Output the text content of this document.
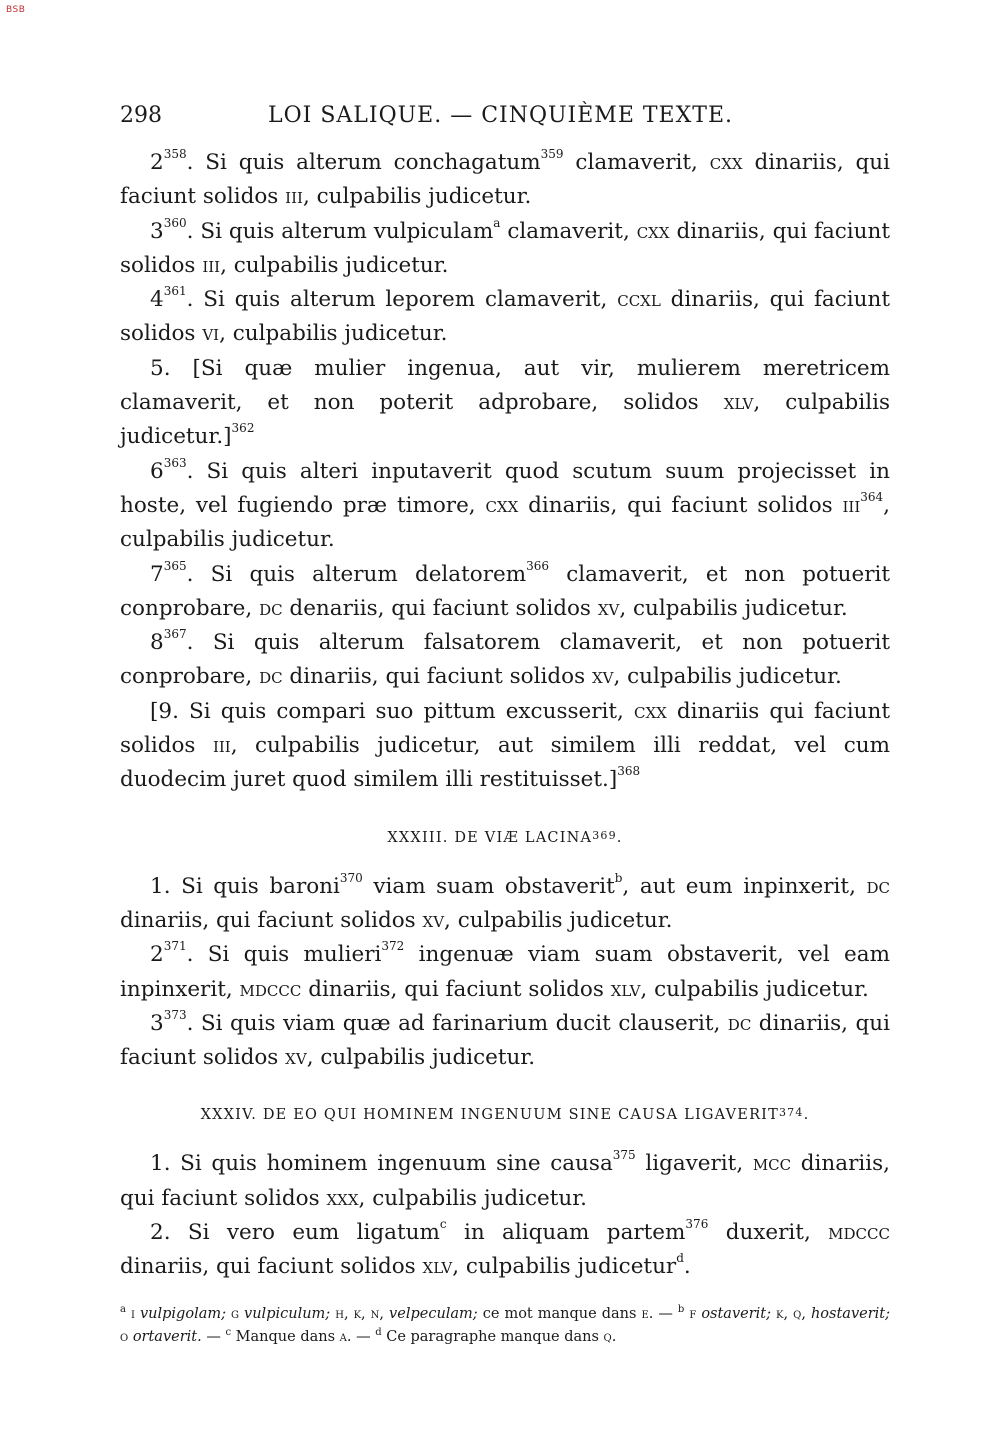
BSB
298	LOI SALIQUE. — CINQUIÈME TEXTE.

$2^{358}$. Si quis alterum conchagatum$^{359}$ clamaverit, cxx dinariis, qui faciunt solidos iii, culpabilis judicetur.

$3^{360}$. Si quis alterum vulpiculam$^a$ clamaverit, cxx dinariis, qui faciunt solidos iii, culpabilis judicetur.

$4^{361}$. Si quis alterum leporem clamaverit, ccxl dinariis, qui faciunt solidos vi, culpabilis judicetur.

5. [Si quæ mulier ingenua, aut vir, mulierem meretricem clamaverit, et non poterit adprobare, solidos xlv, culpabilis judicetur.]$^{362}$

$6^{363}$. Si quis alteri inputaverit quod scutum suum projecisset in hoste, vel fugiendo præ timore, cxx dinariis, qui faciunt solidos iii$^{364}$, culpabilis judicetur.

$7^{365}$. Si quis alterum delatorem$^{366}$ clamaverit, et non potuerit conprobare, dc denariis, qui faciunt solidos xv, culpabilis judicetur.

$8^{367}$. Si quis alterum falsatorem clamaverit, et non potuerit conprobare, dc dinariis, qui faciunt solidos xv, culpabilis judicetur.

[9. Si quis compari suo pittum excusserit, cxx dinariis qui faciunt solidos iii, culpabilis judicetur, aut similem illi reddat, vel cum duodecim juret quod similem illi restituisset.]$^{368}$

XXXIII. DE VIÆ LACINA$^{369}$.

1. Si quis baroni$^{370}$ viam suam obstaverit$^b$, aut eum inpinxerit, dc dinariis, qui faciunt solidos xv, culpabilis judicetur.

$2^{371}$. Si quis mulieri$^{372}$ ingenuæ viam suam obstaverit, vel eam inpinxerit, mdccc dinariis, qui faciunt solidos xlv, culpabilis judicetur.

$3^{373}$. Si quis viam quæ ad farinarium ducit clauserit, dc dinariis, qui faciunt solidos xv, culpabilis judicetur.

XXXIV. DE EO QUI HOMINEM INGENUUM SINE CAUSA LIGAVERIT$^{374}$.

1. Si quis hominem ingenuum sine causa$^{375}$ ligaverit, mcc dinariis, qui faciunt solidos xxx, culpabilis judicetur.

2. Si vero eum ligatum$^c$ in aliquam partem$^{376}$ duxerit, mdccc dinariis, qui faciunt solidos xlv, culpabilis judicetur$^d$.

$^a$ i vulpigolam; g vulpiculum; h, k, n, velpeculam; ce mot manque dans e. — $^b$ f ostaverit; k, q, hostaverit; o ortaverit. — $^c$ Manque dans a. — $^d$ Ce paragraphe manque dans q.
